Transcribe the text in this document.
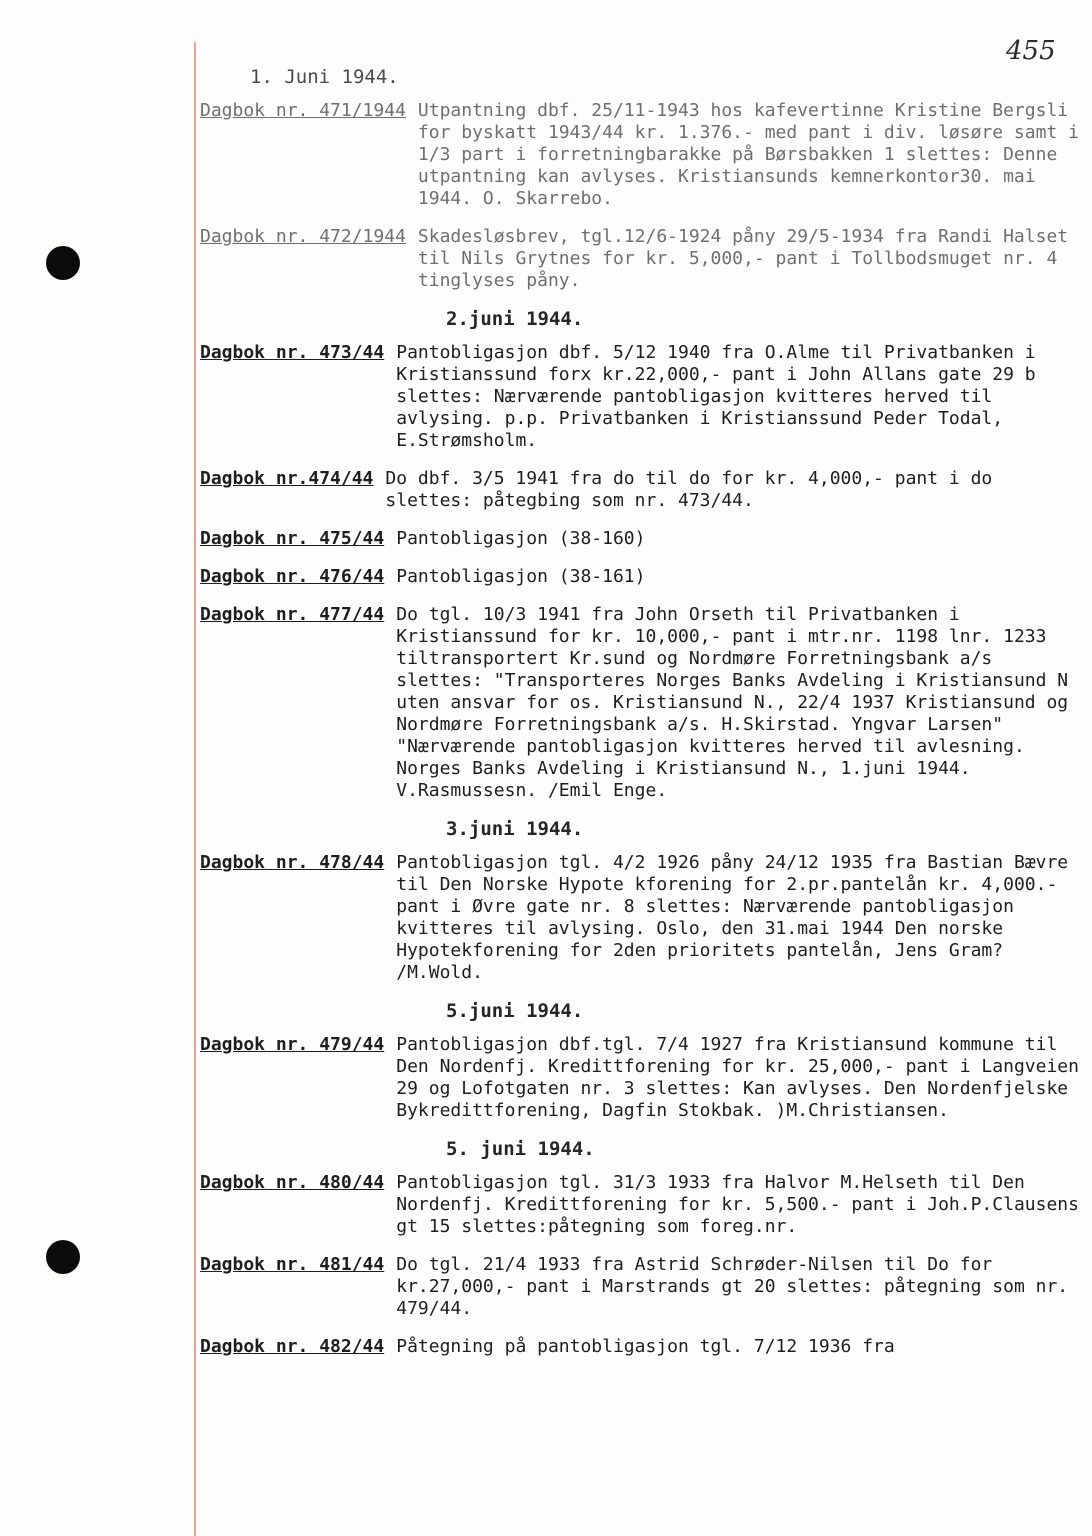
455
1. Juni 1944.
Dagbok nr. 471/1944 Utpantning dbf. 25/11-1943 hos kafevertinne Kristine Bergsli for byskatt 1943/44 kr. 1.376.- med pant i div. løsøre samt i 1/3 part i forretningbarakke på Børsbakken 1 slettes: Denne utpantning kan avlyses. Kristiansunds kemnerkontor30. mai 1944. O. Skarrebo.
Dagbok nr. 472/1944 Skadesløsbrev, tgl.12/6-1924 påny 29/5-1934 fra Randi Halset til Nils Grytnes for kr. 5,000,- pant i Tollbodsmuget nr. 4 tinglyses påny.
2.juni 1944.
Dagbok nr. 473/44 Pantobligasjon dbf. 5/12 1940 fra O.Alme til Privatbanken i Kristianssund forx kr.22,000,- pant i John Allans gate 29 b slettes: Nærværende pantobligasjon kvitteres herved til avlysing. p.p. Privatbanken i Kristianssund Peder Todal, E.Strømsholm.
Dagbok nr.474/44 Do dbf. 3/5 1941 fra do til do for kr. 4,000,- pant i do slettes: påtegbing som nr. 473/44.
Dagbok nr. 475/44 Pantobligasjon (38-160)
Dagbok nr. 476/44 Pantobligasjon (38-161)
Dagbok nr. 477/44 Do tgl. 10/3 1941 fra John Orseth til Privatbanken i Kristianssund for kr. 10,000,- pant i mtr.nr. 1198 lnr. 1233 tiltransportert Kr.sund og Nordmøre Forretningsbank a/s slettes: "Transporteres Norges Banks Avdeling i Kristiansund N uten ansvar for os. Kristiansund N., 22/4 1937 Kristiansund og Nordmøre Forretningsbank a/s. H.Skirstad. Yngvar Larsen" "Nærværende pantobligasjon kvitteres herved til avlesning. Norges Banks Avdeling i Kristiansund N., 1.juni 1944. V.Rasmussesn. /Emil Enge.
3.juni 1944.
Dagbok nr. 478/44 Pantobligasjon tgl. 4/2 1926 påny 24/12 1935 fra Bastian Bævre til Den Norske Hypote kforening for 2.pr.pantelån kr. 4,000.- pant i Øvre gate nr. 8 slettes: Nærværende pantobligasjon kvitteres til avlysing. Oslo, den 31.mai 1944 Den norske Hypotekforening for 2den prioritets pantelån, Jens Gram? /M.Wold.
5.juni 1944.
Dagbok nr. 479/44 Pantobligasjon dbf.tgl. 7/4 1927 fra Kristiansund kommune til Den Nordenfj. Kredittforening for kr. 25,000,- pant i Langveien 29 og Lofotgaten nr. 3 slettes: Kan avlyses. Den Nordenfjelske Bykredittforening, Dagfin Stokbak. )M.Christiansen.
5. juni 1944.
Dagbok nr. 480/44 Pantobligasjon tgl. 31/3 1933 fra Halvor M.Helseth til Den Nordenfj. Kredittforening for kr. 5,500.- pant i Joh.P.Clausens gt 15 slettes:påtegning som foreg.nr.
Dagbok nr. 481/44 Do tgl. 21/4 1933 fra Astrid Schrøder-Nilsen til Do for kr.27,000,- pant i Marstrands gt 20 slettes: påtegning som nr. 479/44.
Dagbok nr. 482/44 Påtegning på pantobligasjon tgl. 7/12 1936 fra
